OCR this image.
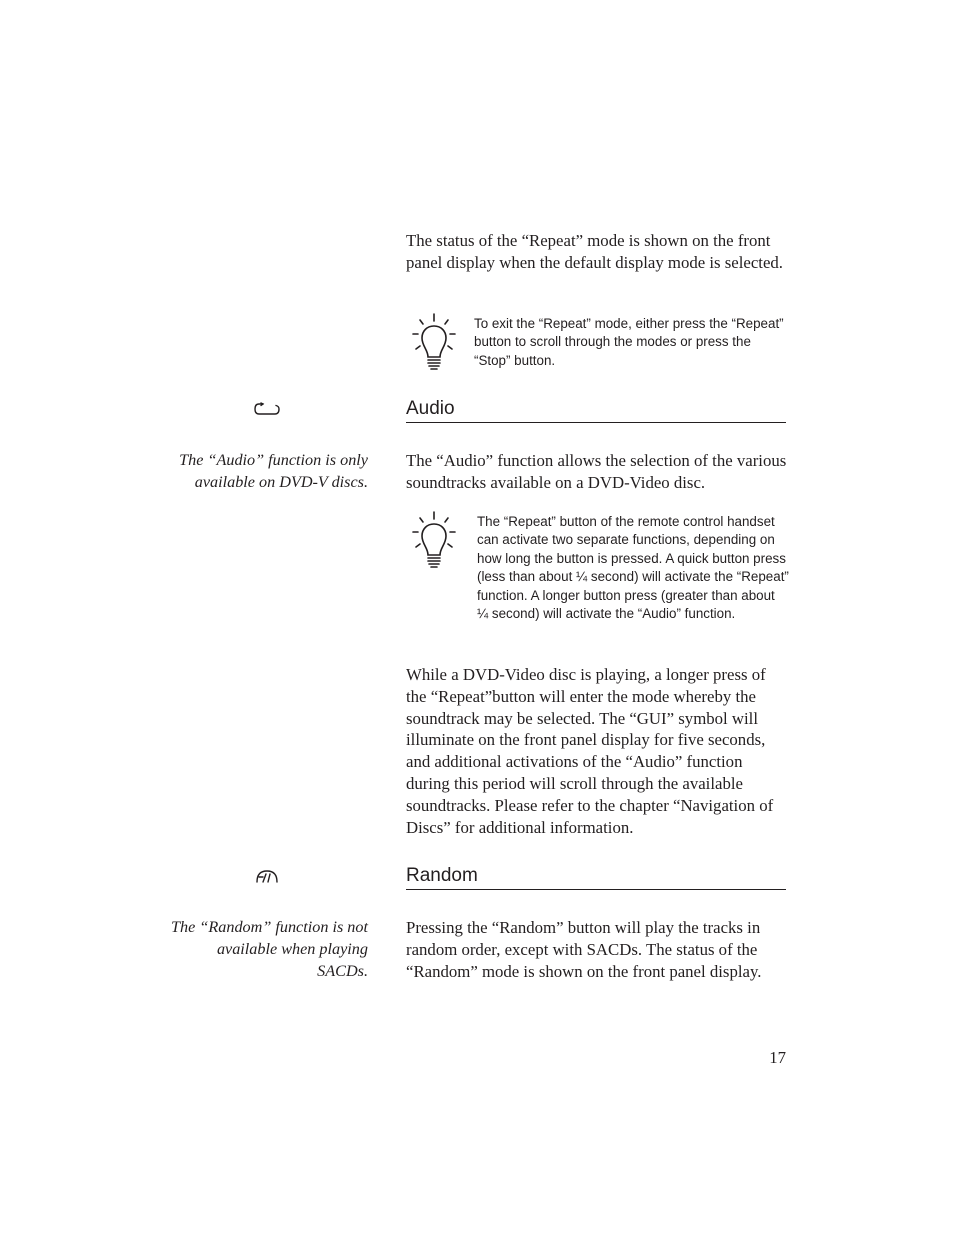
The status of the “Repeat” mode is shown on the front panel display when the default display mode is selected.

To exit the “Repeat” mode, either press the “Repeat” button to scroll through the modes or press the “Stop” button.

Audio

The “Audio” function is only available on DVD-V discs.

The “Audio” function allows the selection of the various soundtracks available on a DVD-Video disc.

The “Repeat” button of the remote control handset can activate two separate functions, depending on how long the button is pressed. A quick button press (less than about ¼ second) will activate the “Repeat” function. A longer button press (greater than about ¼ second) will activate the “Audio” function.

While a DVD-Video disc is playing, a longer press of the “Repeat”button will enter the mode whereby the soundtrack may be selected. The “GUI” symbol will illuminate on the front panel display for five seconds, and additional activations of the “Audio” function during this period will scroll through the available soundtracks. Please refer to the chapter “Navigation of Discs” for additional information.

Random

The “Random” function is not available when playing SACDs.

Pressing the “Random” button will play the tracks in random order, except with SACDs. The status of the “Random” mode is shown on the front panel display.

17
